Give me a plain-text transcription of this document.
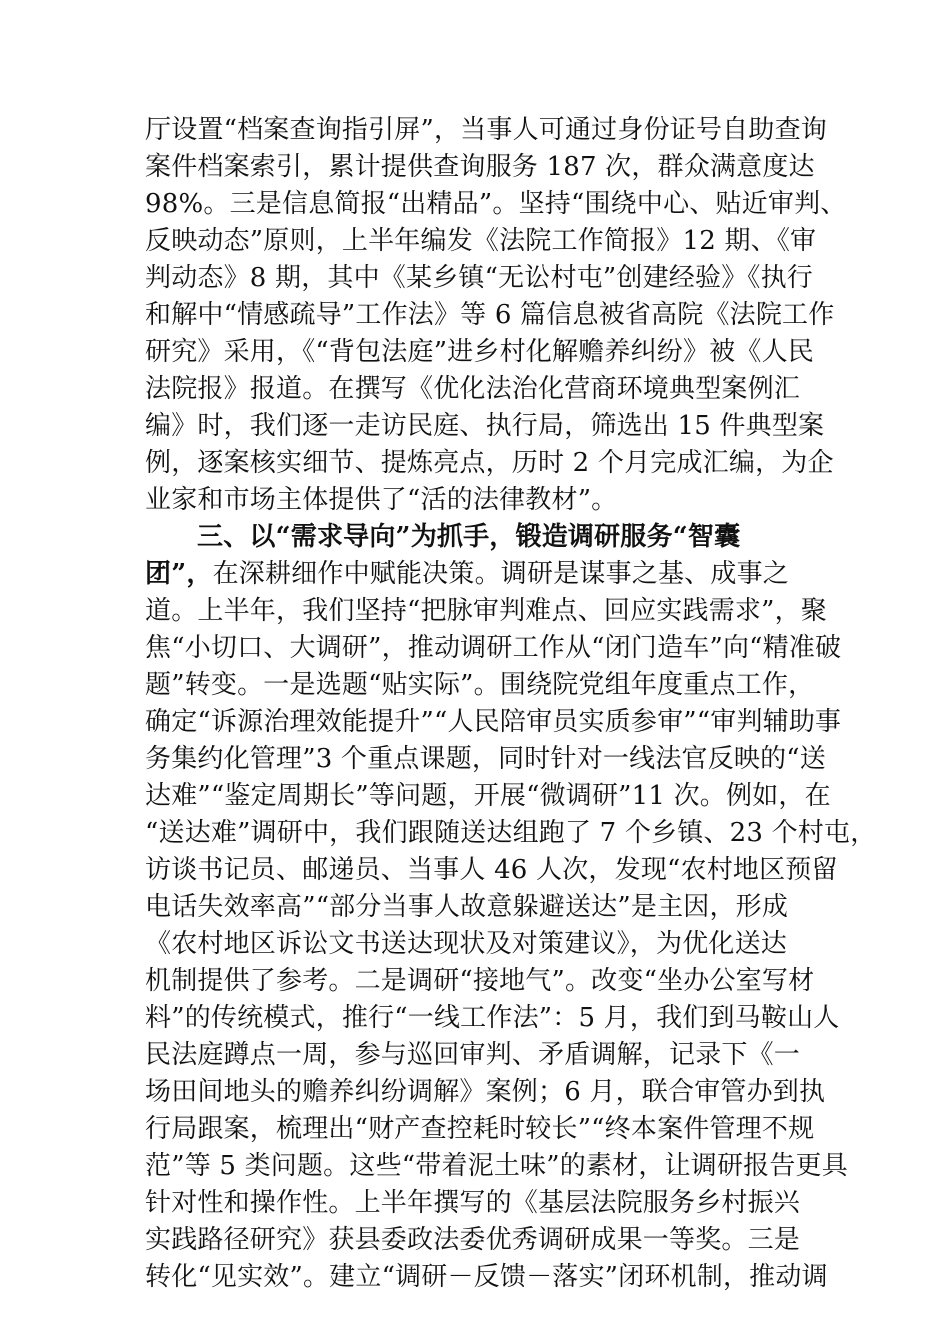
厅设置“档案查询指引屏”，当事人可通过身份证号自助查询
案件档案索引，累计提供查询服务 187 次，群众满意度达
98%。三是信息简报“出精品”。坚持“围绕中心、贴近审判、
反映动态”原则，上半年编发《法院工作简报》12 期、《审
判动态》8 期，其中《某乡镇“无讼村屯”创建经验》《执行
和解中“情感疏导”工作法》等 6 篇信息被省高院《法院工作
研究》采用，《“背包法庭”进乡村化解赡养纠纷》被《人民
法院报》报道。在撰写《优化法治化营商环境典型案例汇
编》时，我们逐一走访民庭、执行局，筛选出 15 件典型案
例，逐案核实细节、提炼亮点，历时 2 个月完成汇编，为企
业家和市场主体提供了“活的法律教材”。
三、以“需求导向”为抓手，锻造调研服务“智囊
团”，在深耕细作中赋能决策。调研是谋事之基、成事之
道。上半年，我们坚持“把脉审判难点、回应实践需求”，聚
焦“小切口、大调研”，推动调研工作从“闭门造车”向“精准破
题”转变。一是选题“贴实际”。围绕院党组年度重点工作，
确定“诉源治理效能提升”“人民陪审员实质参审”“审判辅助事
务集约化管理”3 个重点课题，同时针对一线法官反映的“送
达难”“鉴定周期长”等问题，开展“微调研”11 次。例如，在
“送达难”调研中，我们跟随送达组跑了 7 个乡镇、23 个村屯，
访谈书记员、邮递员、当事人 46 人次，发现“农村地区预留
电话失效率高”“部分当事人故意躲避送达”是主因，形成
《农村地区诉讼文书送达现状及对策建议》，为优化送达
机制提供了参考。二是调研“接地气”。改变“坐办公室写材
料”的传统模式，推行“一线工作法”：5 月，我们到马鞍山人
民法庭蹲点一周，参与巡回审判、矛盾调解，记录下《一
场田间地头的赡养纠纷调解》案例；6 月，联合审管办到执
行局跟案，梳理出“财产查控耗时较长”“终本案件管理不规
范”等 5 类问题。这些“带着泥土味”的素材，让调研报告更具
针对性和操作性。上半年撰写的《基层法院服务乡村振兴
实践路径研究》获县委政法委优秀调研成果一等奖。三是
转化“见实效”。建立“调研－反馈－落实”闭环机制，推动调
